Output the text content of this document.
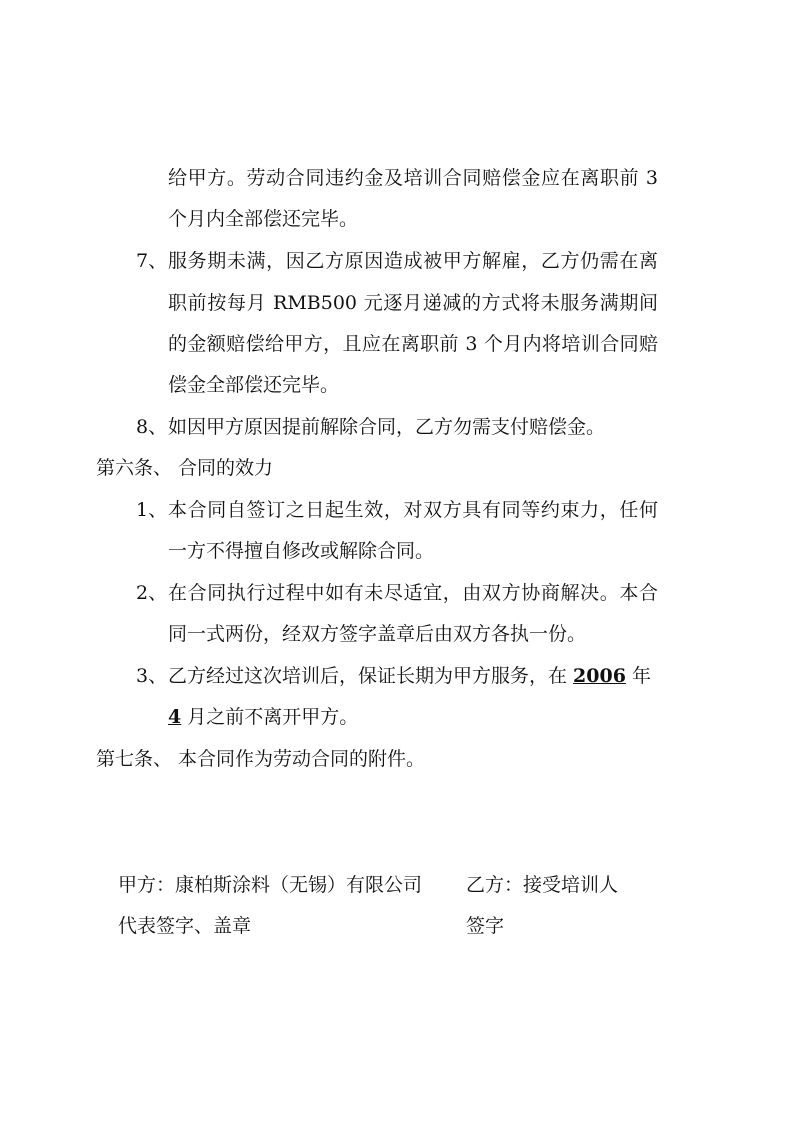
给甲方。劳动合同违约金及培训合同赔偿金应在离职前 3
个月内全部偿还完毕。
7、 服务期未满，因乙方原因造成被甲方解雇，乙方仍需在离
职前按每月 RMB500 元逐月递减的方式将未服务满期间
的金额赔偿给甲方，且应在离职前 3 个月内将培训合同赔
偿金全部偿还完毕。
8、 如因甲方原因提前解除合同，乙方勿需支付赔偿金。
第六条、 合同的效力
1、 本合同自签订之日起生效，对双方具有同等约束力，任何
一方不得擅自修改或解除合同。
2、 在合同执行过程中如有未尽适宜，由双方协商解决。本合
同一式两份，经双方签字盖章后由双方各执一份。
3、 乙方经过这次培训后，保证长期为甲方服务，在 2006 年
4 月之前不离开甲方。
第七条、 本合同作为劳动合同的附件。
甲方：康柏斯涂料（无锡）有限公司
代表签字、盖章
乙方：接受培训人
签字
